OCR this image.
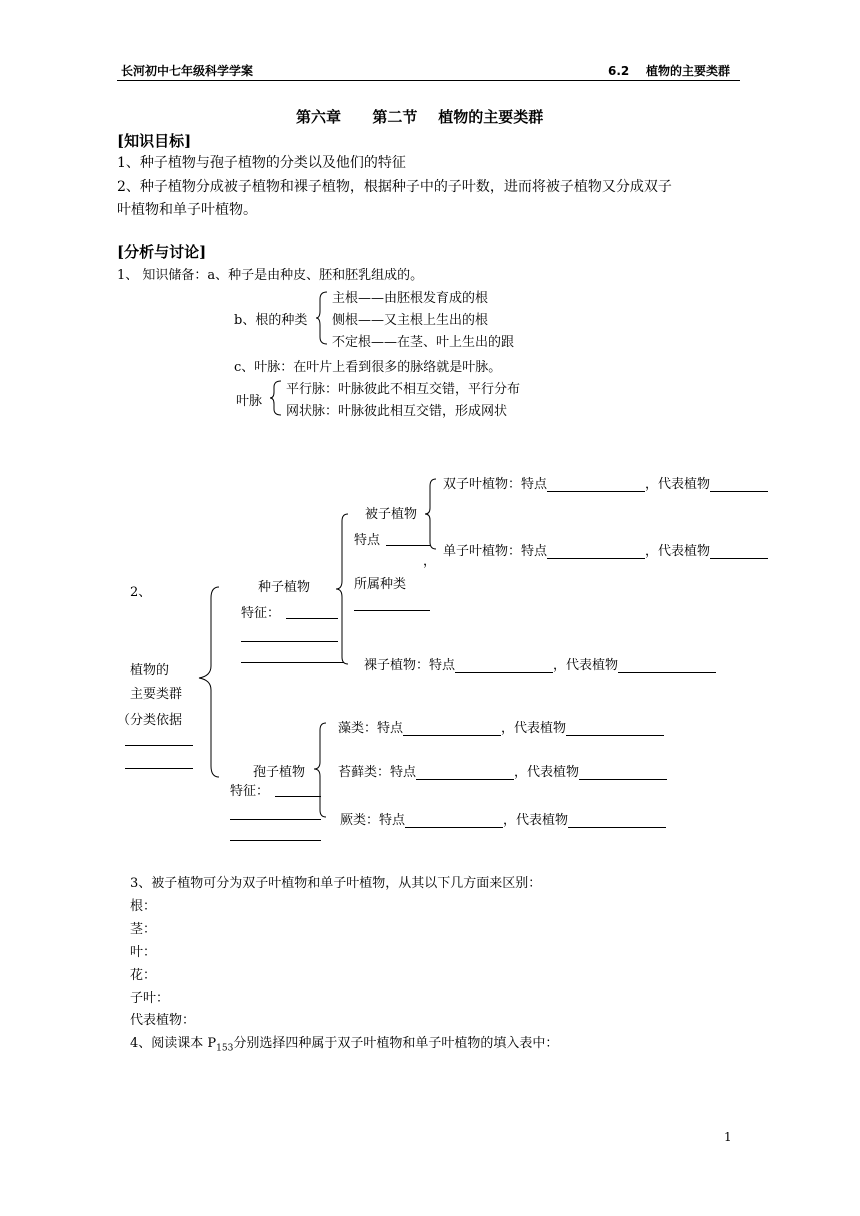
长河初中七年级科学学案	6.2    植物的主要类群
第六章      第二节    植物的主要类群
[知识目标]
1、种子植物与孢子植物的分类以及他们的特征
2、种子植物分成被子植物和裸子植物，根据种子中的子叶数，进而将被子植物又分成双子
叶植物和单子叶植物。
[分析与讨论]
1、 知识储备：a、种子是由种皮、胚和胚乳组成的。
b、根的种类
主根——由胚根发育成的根
侧根——又主根上生出的根
不定根——在茎、叶上生出的跟
c、叶脉：在叶片上看到很多的脉络就是叶脉。
叶脉
平行脉：叶脉彼此不相互交错，平行分布
网状脉：叶脉彼此相互交错，形成网状
2、
植物的
主要类群
（分类依据
种子植物
特征：
被子植物
特点
，
所属种类
双子叶植物：特点	，代表植物
单子叶植物：特点	，代表植物
裸子植物：特点	，代表植物
孢子植物
特征：
藻类：特点	，代表植物
苔藓类：特点	，代表植物
厥类：特点	，代表植物
3、被子植物可分为双子叶植物和单子叶植物，从其以下几方面来区别：
根：
茎：
叶：
花：
子叶：
代表植物：
4、阅读课本 $P_{153}$分别选择四种属于双子叶植物和单子叶植物的填入表中：
1
